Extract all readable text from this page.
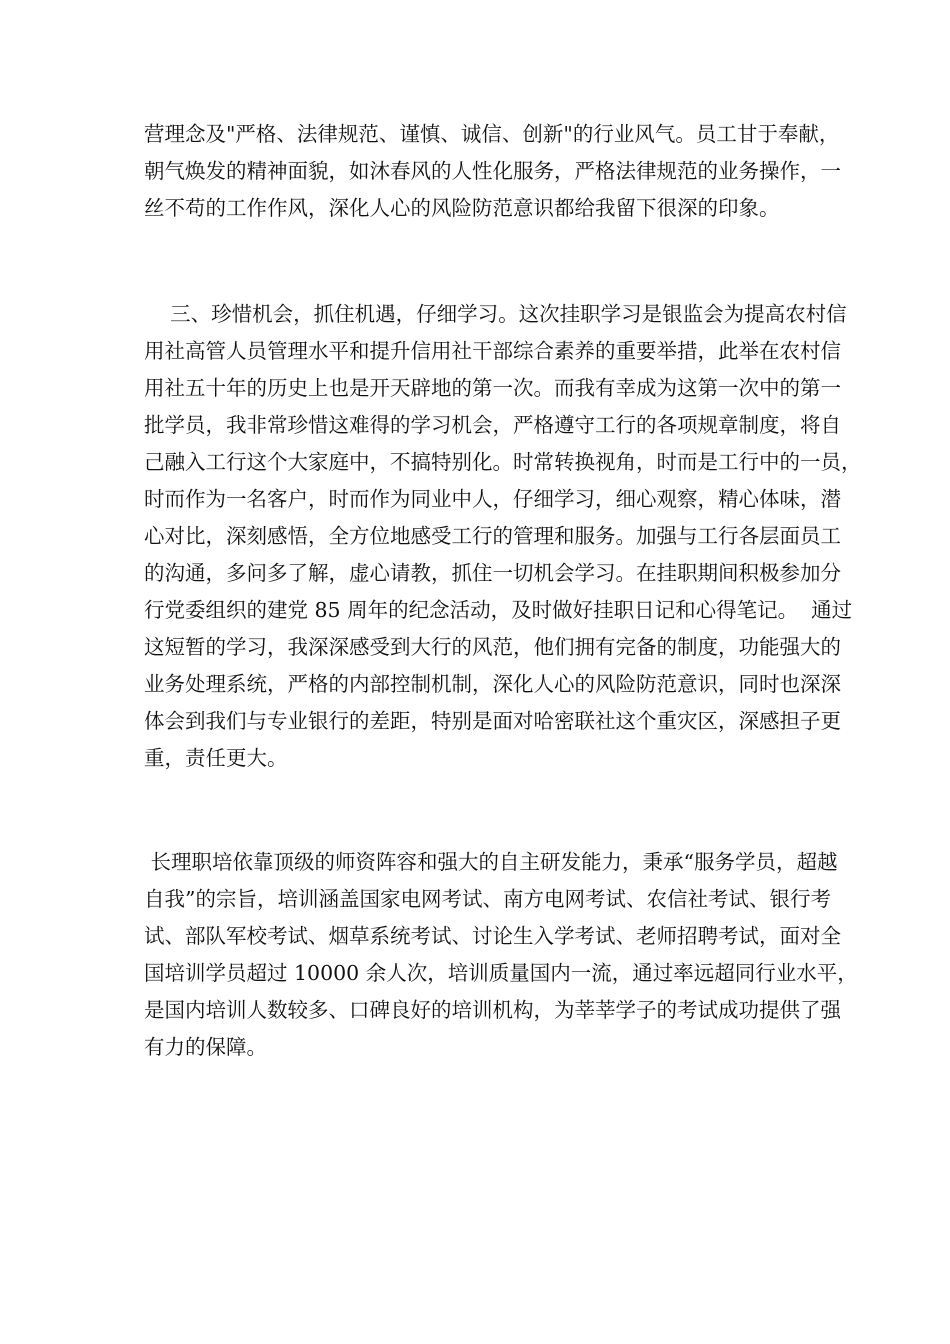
营理念及"严格、法律规范、谨慎、诚信、创新"的行业风气。员工甘于奉献，
朝气焕发的精神面貌，如沐春风的人性化服务，严格法律规范的业务操作，一
丝不苟的工作作风，深化人心的风险防范意识都给我留下很深的印象。
三、珍惜机会，抓住机遇，仔细学习。这次挂职学习是银监会为提高农村信
用社高管人员管理水平和提升信用社干部综合素养的重要举措，此举在农村信
用社五十年的历史上也是开天辟地的第一次。而我有幸成为这第一次中的第一
批学员，我非常珍惜这难得的学习机会，严格遵守工行的各项规章制度，将自
己融入工行这个大家庭中，不搞特别化。时常转换视角，时而是工行中的一员，
时而作为一名客户，时而作为同业中人，仔细学习，细心观察，精心体味，潜
心对比，深刻感悟，全方位地感受工行的管理和服务。加强与工行各层面员工
的沟通，多问多了解，虚心请教，抓住一切机会学习。在挂职期间积极参加分
行党委组织的建党 85 周年的纪念活动，及时做好挂职日记和心得笔记。  通过
这短暂的学习，我深深感受到大行的风范，他们拥有完备的制度，功能强大的
业务处理系统，严格的内部控制机制，深化人心的风险防范意识，同时也深深
体会到我们与专业银行的差距，特别是面对哈密联社这个重灾区，深感担子更
重，责任更大。
长理职培依靠顶级的师资阵容和强大的自主研发能力，秉承“服务学员，超越
自我”的宗旨，培训涵盖国家电网考试、南方电网考试、农信社考试、银行考
试、部队军校考试、烟草系统考试、讨论生入学考试、老师招聘考试，面对全
国培训学员超过 10000 余人次，培训质量国内一流，通过率远超同行业水平，
是国内培训人数较多、口碑良好的培训机构，为莘莘学子的考试成功提供了强
有力的保障。
